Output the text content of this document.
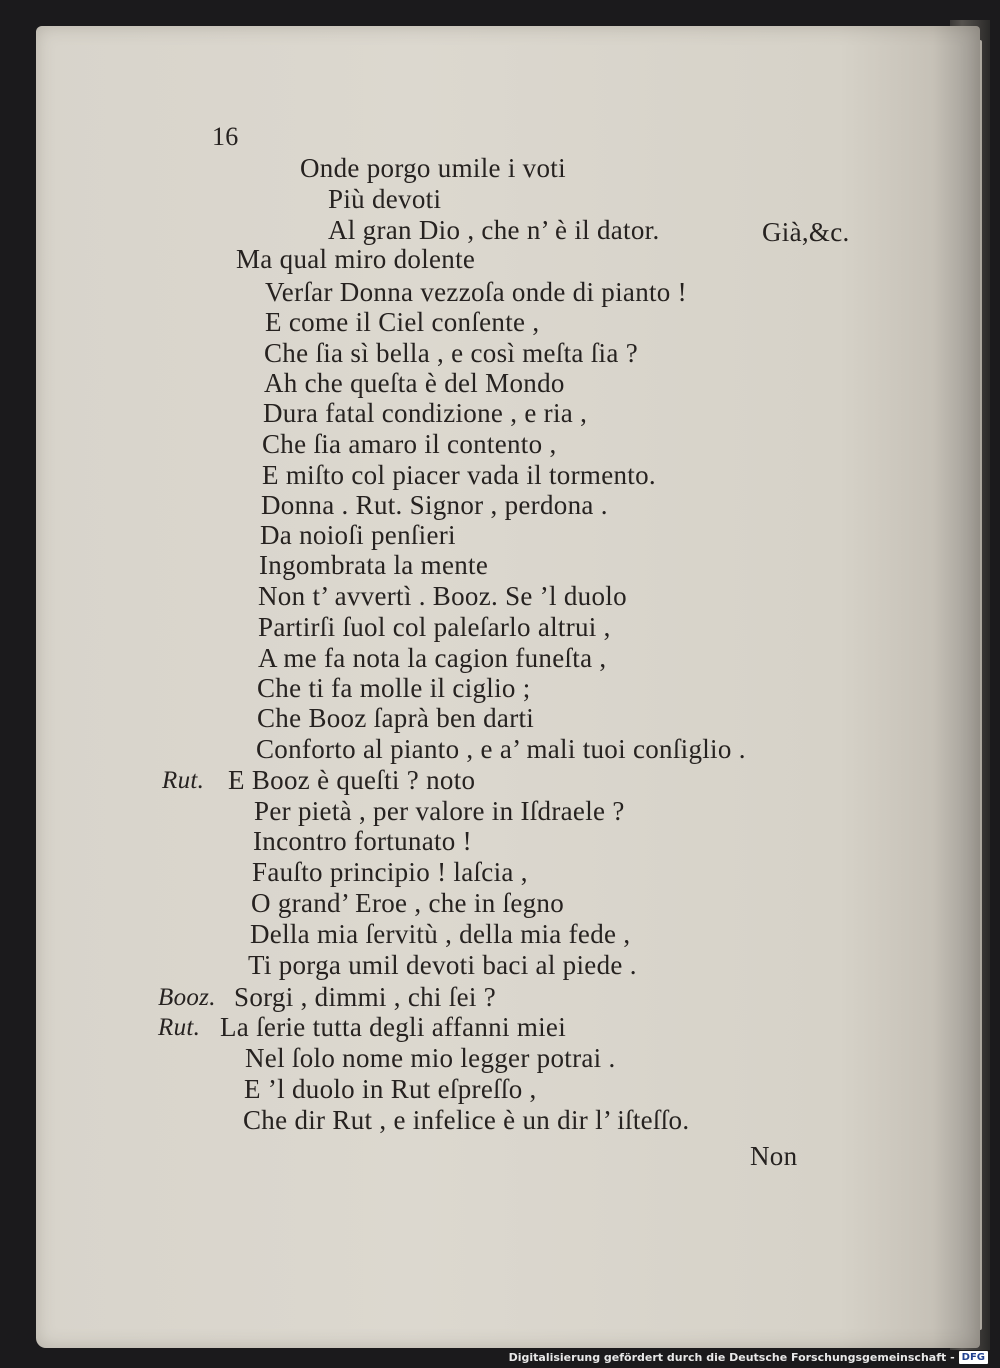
16
Onde porgo umile i voti
Più devoti
Al gran Dio , che n’ è il dator.	Già,&c.
Ma qual miro dolente
Verſar Donna vezzoſa onde di pianto !
E come il Ciel conſente ,
Che ſia sì bella , e così meſta ſia ?
Ah che queſta è del Mondo
Dura fatal condizione , e ria ,
Che ſia amaro il contento ,
E miſto col piacer vada il tormento.
Donna . Rut. Signor , perdona .
Da noioſi penſieri
Ingombrata la mente
Non t’ avvertì . Booz. Se ’l duolo
Partirſi ſuol col paleſarlo altrui ,
A me fa nota la cagion funeſta ,
Che ti fa molle il ciglio ;
Che Booz ſaprà ben darti
Conforto al pianto , e a’ mali tuoi conſiglio .
Rut. E Booz è queſti ? noto
Per pietà , per valore in Iſdraele ?
Incontro fortunato !
Fauſto principio ! laſcia ,
O grand’ Eroe , che in ſegno
Della mia ſervitù , della mia fede ,
Ti porga umil devoti baci al piede .
Booz. Sorgi , dimmi , chi ſei ?
Rut. La ſerie tutta degli affanni miei
Nel ſolo nome mio legger potrai .
E ’l duolo in Rut eſpreſſo ,
Che dir Rut , e infelice è un dir l’ iſteſſo.
Non
Digitalisierung gefördert durch die Deutsche Forschungsgemeinschaft - DFG
